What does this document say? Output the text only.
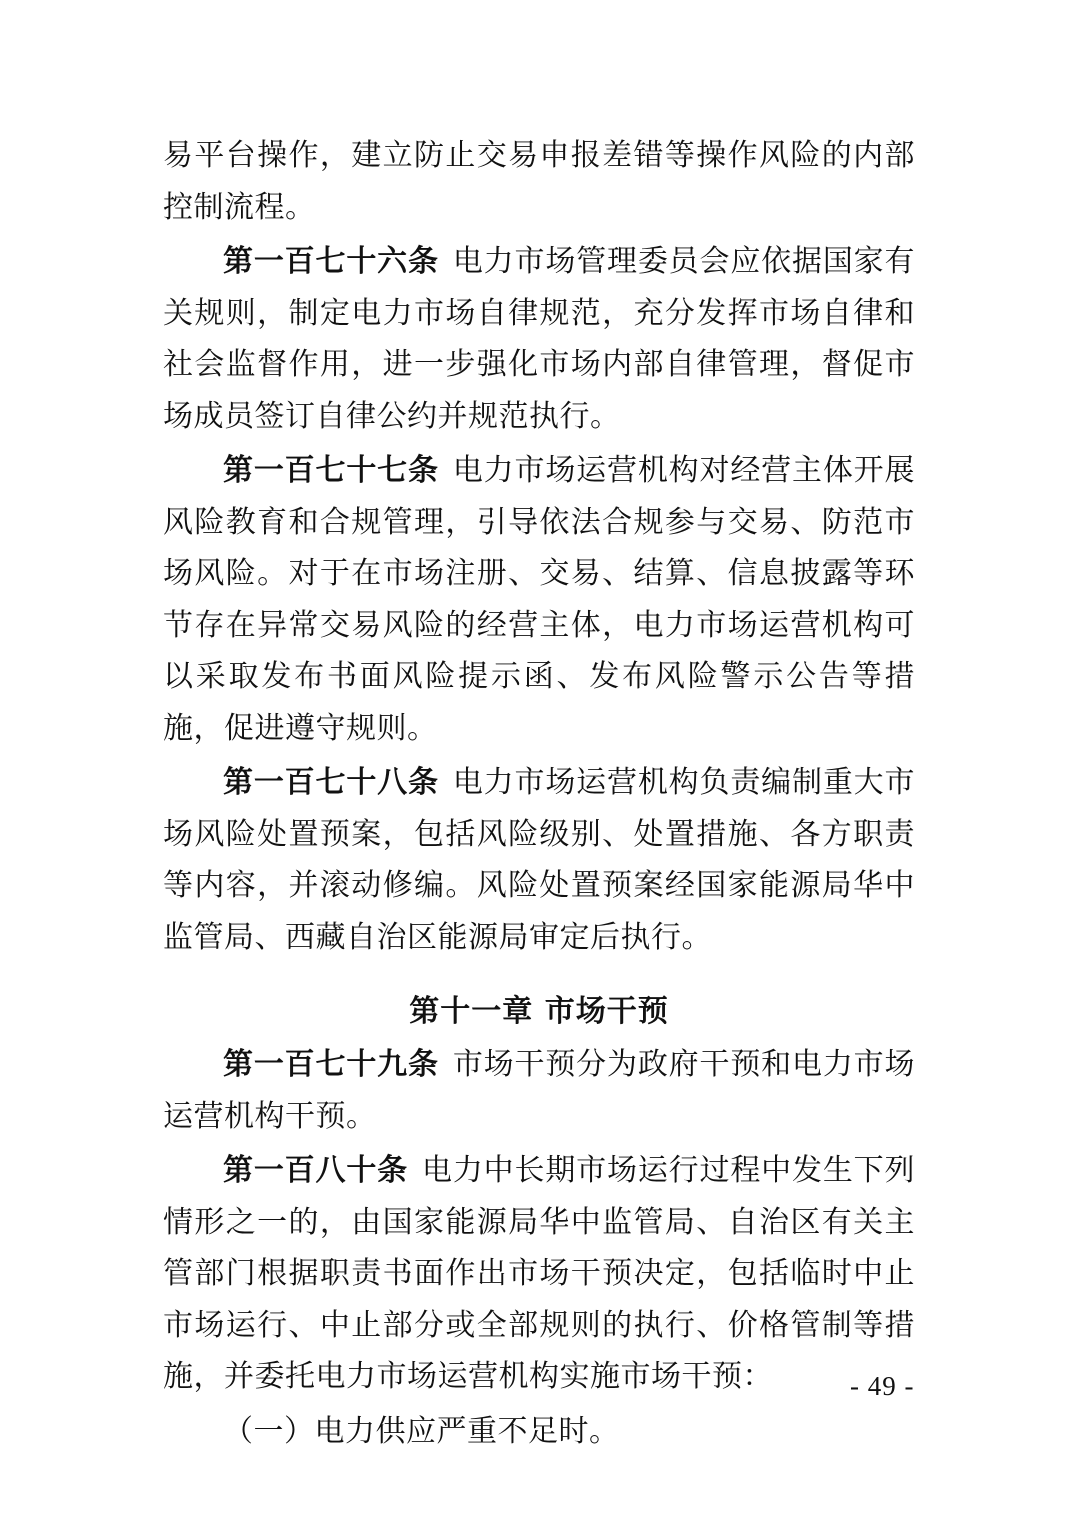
易平台操作，建立防止交易申报差错等操作风险的内部控制流程。

第一百七十六条 电力市场管理委员会应依据国家有关规则，制定电力市场自律规范，充分发挥市场自律和社会监督作用，进一步强化市场内部自律管理，督促市场成员签订自律公约并规范执行。

第一百七十七条 电力市场运营机构对经营主体开展风险教育和合规管理，引导依法合规参与交易、防范市场风险。对于在市场注册、交易、结算、信息披露等环节存在异常交易风险的经营主体，电力市场运营机构可以采取发布书面风险提示函、发布风险警示公告等措施，促进遵守规则。

第一百七十八条 电力市场运营机构负责编制重大市场风险处置预案，包括风险级别、处置措施、各方职责等内容，并滚动修编。风险处置预案经国家能源局华中监管局、西藏自治区能源局审定后执行。

第十一章 市场干预

第一百七十九条 市场干预分为政府干预和电力市场运营机构干预。

第一百八十条 电力中长期市场运行过程中发生下列情形之一的，由国家能源局华中监管局、自治区有关主管部门根据职责书面作出市场干预决定，包括临时中止市场运行、中止部分或全部规则的执行、价格管制等措施，并委托电力市场运营机构实施市场干预：

（一）电力供应严重不足时。

- 49 -
